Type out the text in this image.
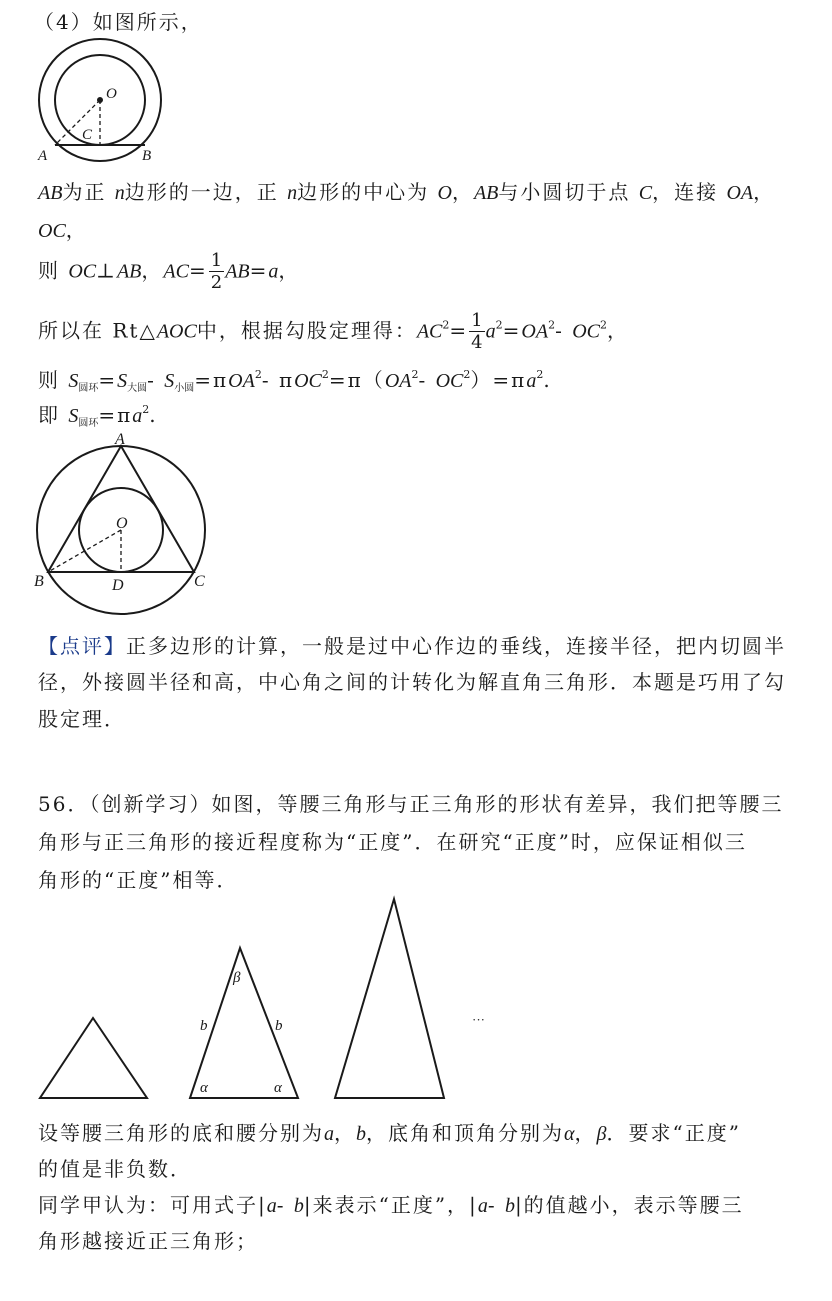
（4）如图所示，
O
C
A	B
AB为正 n边形的一边，正 n边形的中心为 O，AB与小圆切于点 C，连接 OA，
OC，
则 OC⊥AB，$AC= \frac{1}{2} AB=a$，
所以在 Rt△AOC中，根据勾股定理得：$AC^2= \frac{1}{4} a^2=OA^2-$ $OC^2$，
则 $S_{圆环}=S_{大圆}-$ $S_{小圆}=\pi OA^2-$ $\pi OC^2=\pi(OA^2-$ $OC^2)=\pi a^2$.
即 $S_{圆环}=\pi a^2$.
A
O
B	D	C
【点评】正多边形的计算，一般是过中心作边的垂线，连接半径，把内切圆半
径，外接圆半径和高，中心角之间的计转化为解直角三角形．本题是巧用了勾
股定理．
56．（创新学习）如图，等腰三角形与正三角形的形状有差异，我们把等腰三
角形与正三角形的接近程度称为“正度”．在研究“正度”时，应保证相似三
角形的“正度”相等．
β
b	b
α	α
···
设等腰三角形的底和腰分别为a，b，底角和顶角分别为α，β．要求“正度”
的值是非负数．
同学甲认为：可用式子|a- b|来表示“正度”，|a- b|的值越小，表示等腰三
角形越接近正三角形；
